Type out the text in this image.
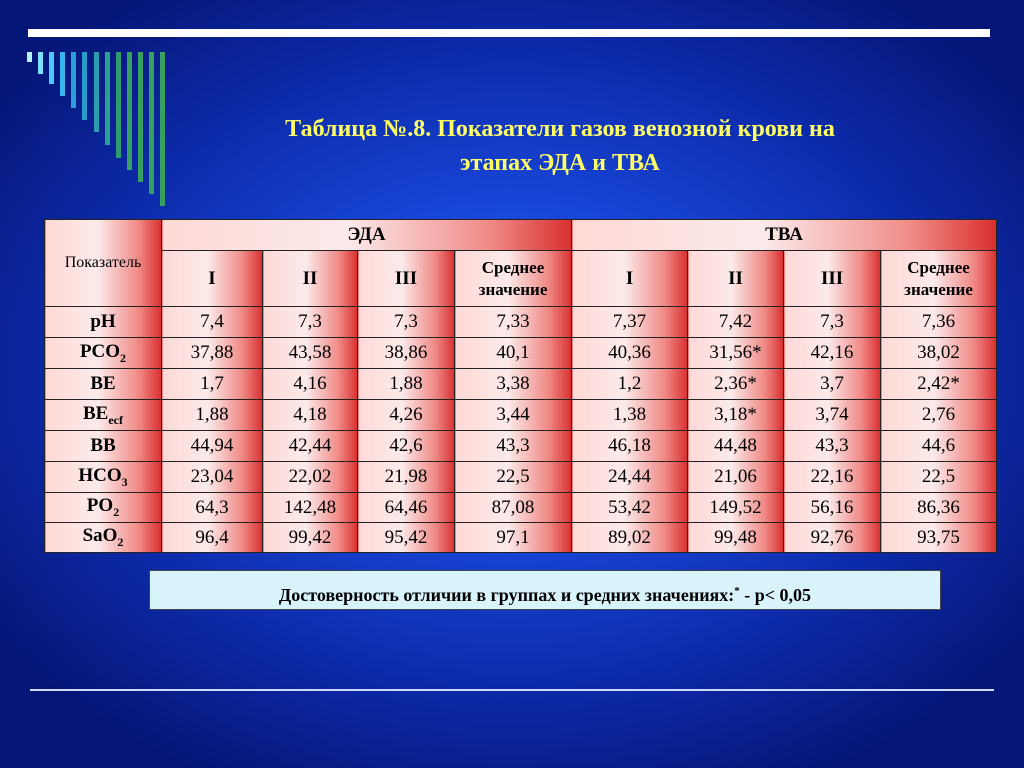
Таблица №.8. Показатели газов венозной крови на
этапах ЭДА и ТВА
Показатель	ЭДА				ТВА			
	I	II	III	Среднее значение	I	II	III	Среднее значение
pH	7,4	7,3	7,3	7,33	7,37	7,42	7,3	7,36
$PCO_2$	37,88	43,58	38,86	40,1	40,36	31,56*	42,16	38,02
BE	1,7	4,16	1,88	3,38	1,2	2,36*	3,7	2,42*
$BE_{ecf}$	1,88	4,18	4,26	3,44	1,38	3,18*	3,74	2,76
BB	44,94	42,44	42,6	43,3	46,18	44,48	43,3	44,6
$HCO_3$	23,04	22,02	21,98	22,5	24,44	21,06	22,16	22,5
$PO_2$	64,3	142,48	64,46	87,08	53,42	149,52	56,16	86,36
SaO$_2$	96,4	99,42	95,42	97,1	89,02	99,48	92,76	93,75
Достоверность отличии в группах и средних значениях:* - р< 0,05
